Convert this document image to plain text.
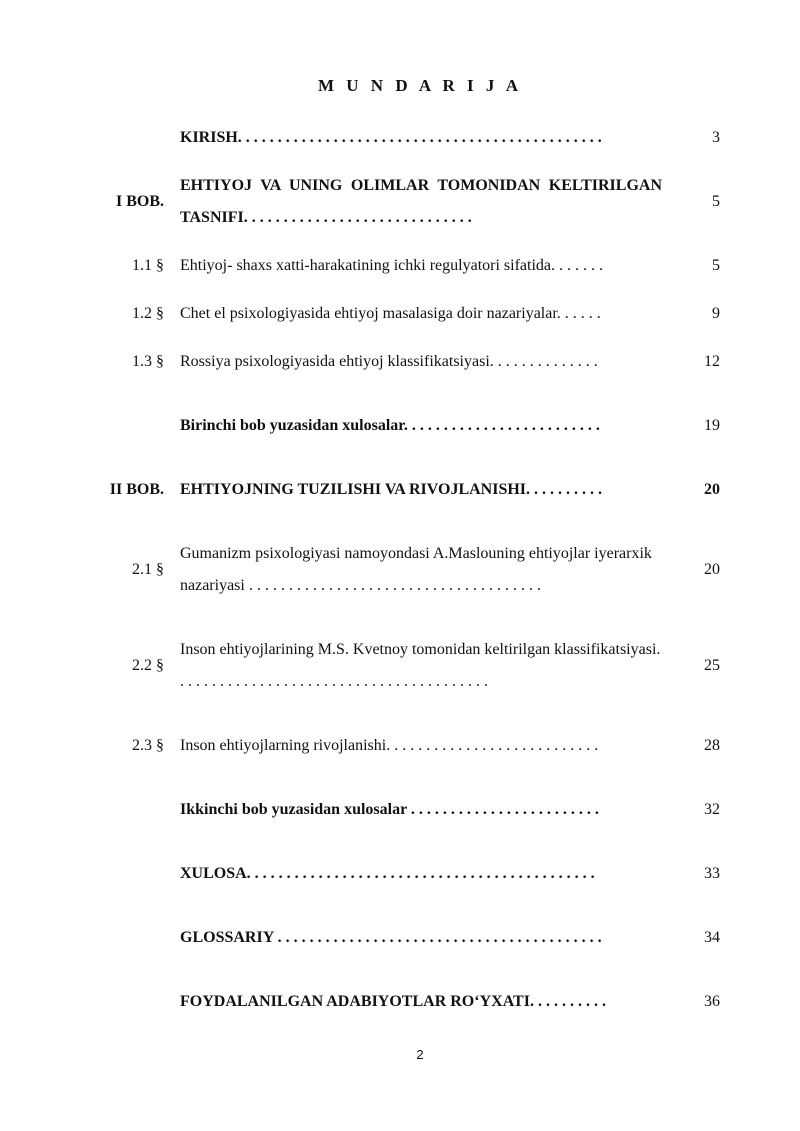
M U N D A R I J A
	KIRISH. . . . . . . . . . . . . . . . . . . . . . . . . . . . . . . . . . . . . . . . . . . . . .	3
I BOB.	EHTIYOJ VA UNING OLIMLAR TOMONIDAN KELTIRILGAN TASNIFI. . . . . . . . . . . . . . . . . . . . . . . . . . . . .	5
1.1 §	Ehtiyoj- shaxs xatti-harakatining ichki regulyatori sifatida. . . . . . .	5
1.2 §	Chet el psixologiyasida ehtiyoj masalasiga doir nazariyalar. . . . . .	9
1.3 §	Rossiya psixologiyasida ehtiyoj klassifikatsiyasi. . . . . . . . . . . . . .	12
	Birinchi bob yuzasidan xulosalar. . . . . . . . . . . . . . . . . . . . . . . . .	19
II BOB.	EHTIYOJNING TUZILISHI VA RIVOJLANISHI. . . . . . . . . .	20
2.1 §	Gumanizm psixologiyasi namoyondasi A.Maslouning ehtiyojlar iyerarxik nazariyasi . . . . . . . . . . . . . . . . . . . . . . . . . . . . . . . . . . . . .	20
2.2 §	Inson ehtiyojlarining M.S. Kvetnoy tomonidan keltirilgan klassifikatsiyasi. . . . . . . . . . . . . . . . . . . . . . . . . . . . . . . . . . . . . . . .	25
2.3 §	Inson ehtiyojlarning rivojlanishi. . . . . . . . . . . . . . . . . . . . . . . . . . .	28
	Ikkinchi bob yuzasidan xulosalar . . . . . . . . . . . . . . . . . . . . . . . .	32
	XULOSA. . . . . . . . . . . . . . . . . . . . . . . . . . . . . . . . . . . . . . . . . . . .	33
	GLOSSARIY . . . . . . . . . . . . . . . . . . . . . . . . . . . . . . . . . . . . . . . . .	34
	FOYDALANILGAN ADABIYOTLAR RO‘YXATI. . . . . . . . . .	36
2
